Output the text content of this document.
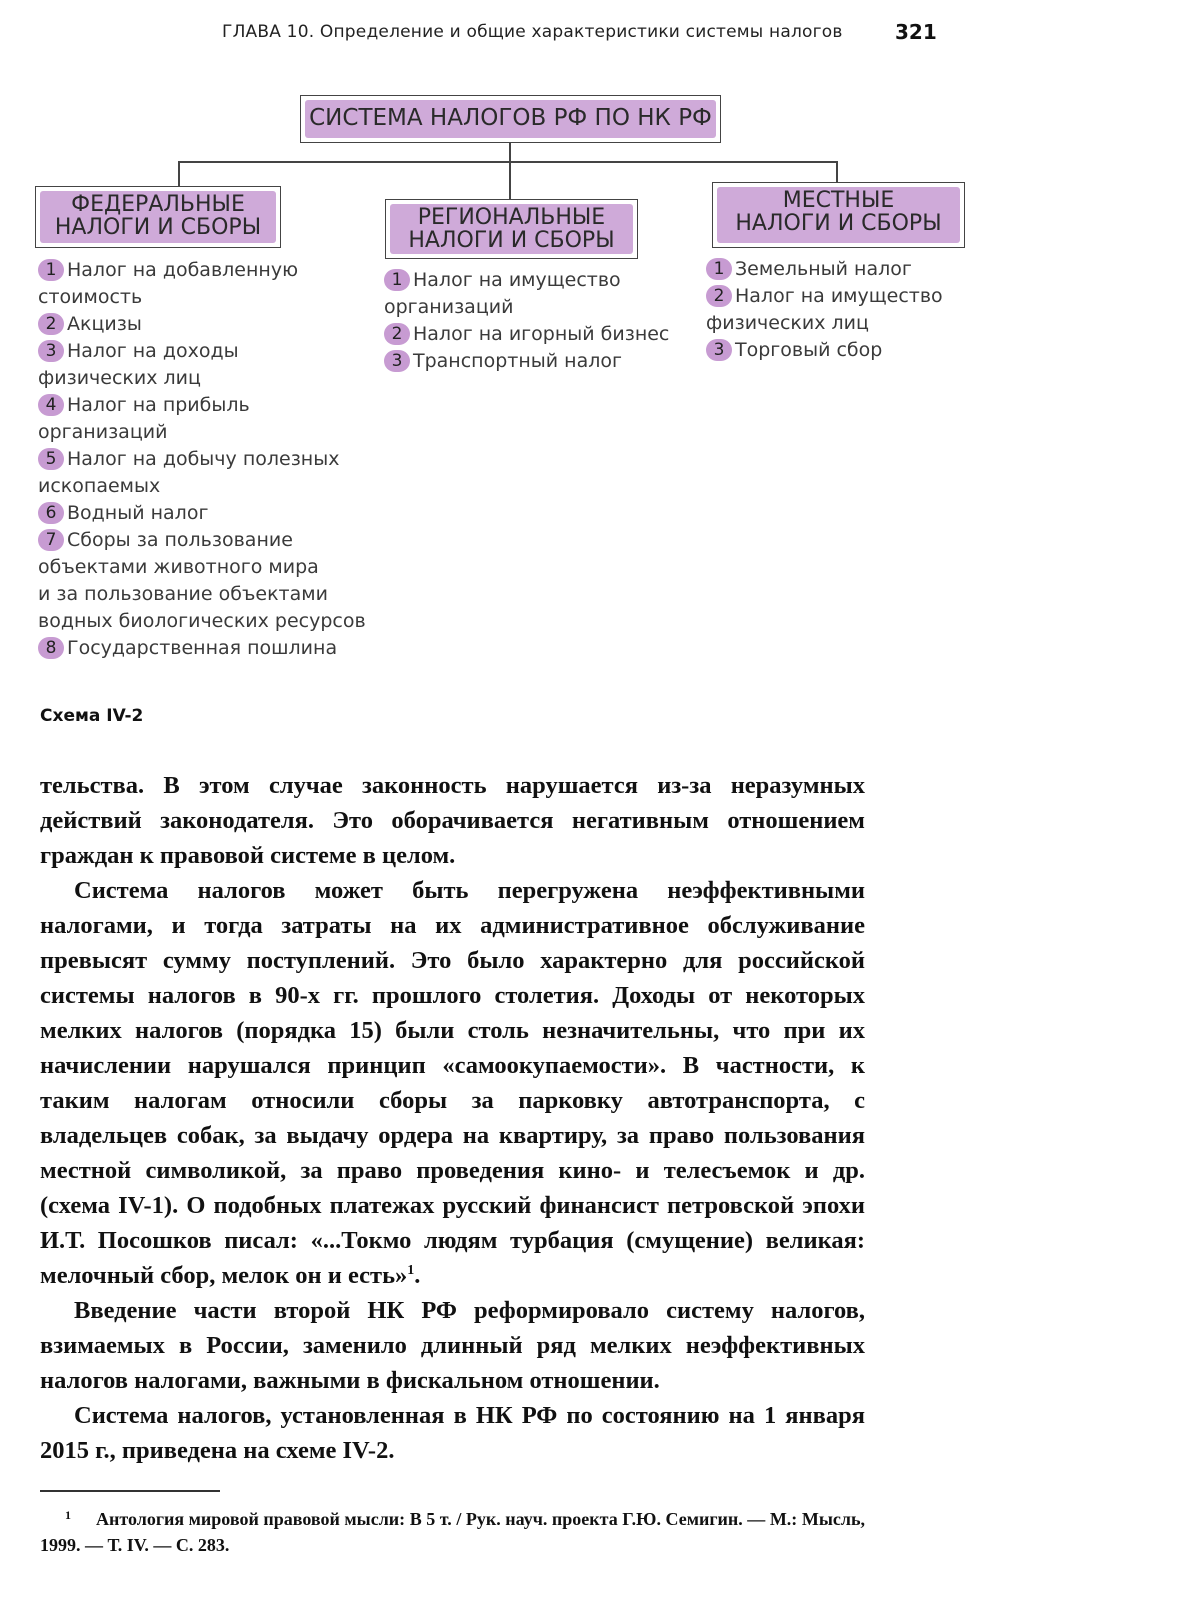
ГЛАВА 10. Определение и общие характеристики системы налогов	321
СИСТЕМА НАЛОГОВ РФ ПО НК РФ
ФЕДЕРАЛЬНЫЕ
НАЛОГИ И СБОРЫ	РЕГИОНАЛЬНЫЕ
НАЛОГИ И СБОРЫ
МЕСТНЫЕ
НАЛОГИ И СБОРЫ
1 Налог на добавленную
стоимость
2 Акцизы
3 Налог на доходы
физических лиц
4 Налог на прибыль
организаций
5 Налог на добычу полезных
ископаемых
6 Водный налог
7 Сборы за пользование
объектами животного мира
и за пользование объектами
водных биологических ресурсов
8 Государственная пошлина
1 Налог на имущество
организаций
2 Налог на игорный бизнес
3 Транспортный налог
1 Земельный налог
2 Налог на имущество
физических лиц
3 Торговый сбор
Схема IV-2

тельства. В этом случае законность нарушается из-за неразумных действий законодателя. Это оборачивается негативным отношением граждан к правовой системе в целом.

Система налогов может быть перегружена неэффективными налогами, и тогда затраты на их административное обслуживание превысят сумму поступлений. Это было характерно для российской системы налогов в 90-х гг. прошлого столетия. Доходы от некоторых мелких налогов (порядка 15) были столь незначительны, что при их начислении нарушался принцип «самоокупаемости». В частности, к таким налогам относили сборы за парковку автотранспорта, с владельцев собак, за выдачу ордера на квартиру, за право пользования местной символикой, за право проведения кино- и телесъемок и др. (схема IV-1). О подобных платежах русский финансист петровской эпохи И.Т. Посошков писал: «...Токмо людям турбация (смущение) великая: мелочный сбор, мелок он и есть»$^1$.

Введение части второй НК РФ реформировало систему налогов, взимаемых в России, заменило длинный ряд мелких неэффективных налогов налогами, важными в фискальном отношении.

Система налогов, установленная в НК РФ по состоянию на 1 января 2015 г., приведена на схеме IV-2.

1 Антология мировой правовой мысли: В 5 т. / Рук. науч. проекта Г.Ю. Семигин. — М.: Мысль, 1999. — Т. IV. — С. 283.
